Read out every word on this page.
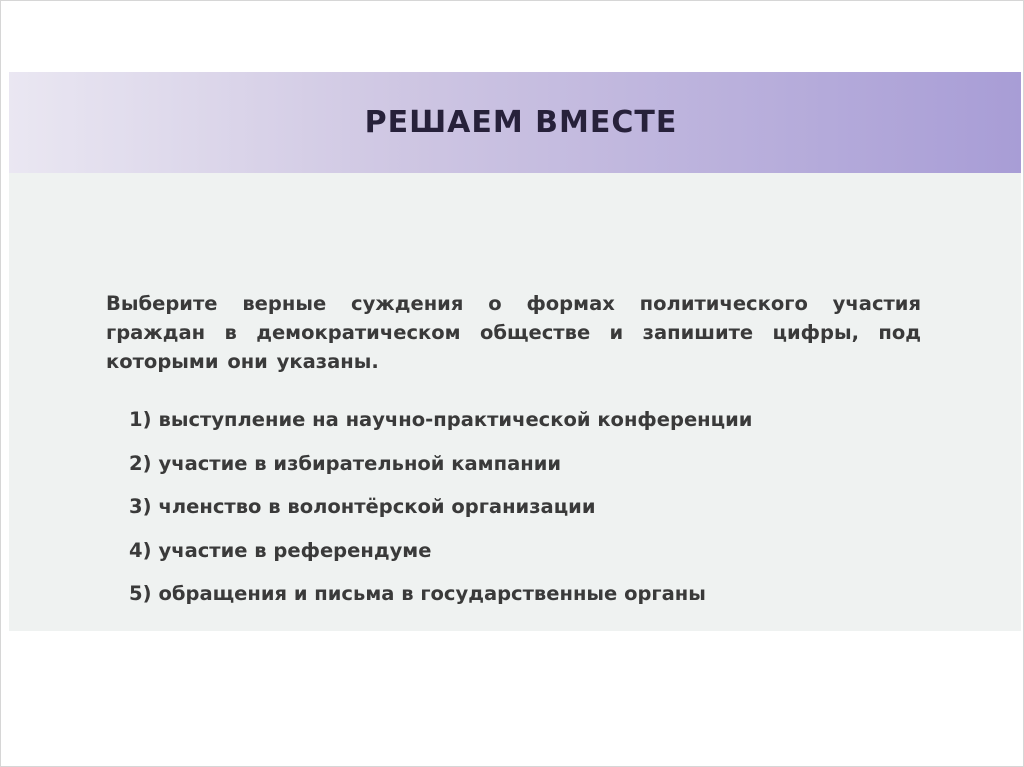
РЕШАЕМ ВМЕСТЕ

Выберите верные суждения о формах политического участия граждан в демократическом обществе и запишите цифры, под которыми они указаны.

1) выступление на научно-практической конференции
2) участие в избирательной кампании
3) членство в волонтёрской организации
4) участие в референдуме
5) обращения и письма в государственные органы
